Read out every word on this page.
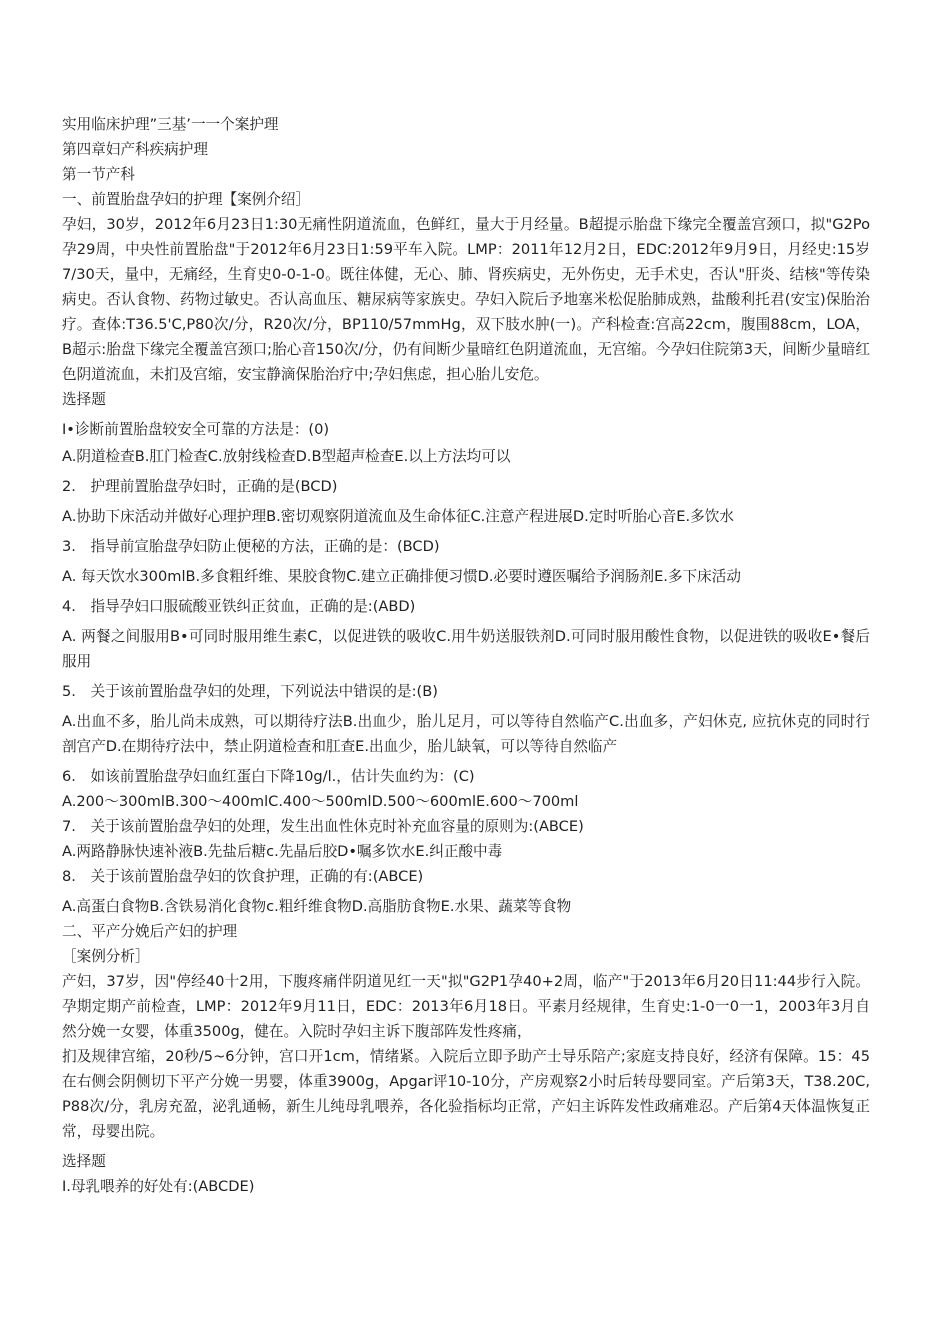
实用临床护理”三基’一一个案护理
第四章妇产科疾病护理
第一节产科
一、前置胎盘孕妇的护理【案例介绍］
孕妇，30岁，2012年6月23日1:30无痛性阴道流血，色鲜红，量大于月经量。B超提示胎盘下缘完全覆盖宫颈口，拟"G2Po孕29周，中央性前置胎盘"于2012年6月23日1:59平车入院。LMP：2011年12月2日，EDC:2012年9月9日，月经史:15岁7/30天，量中，无痛经，生育史0-0-1-0。既往体健，无心、肺、肾疾病史，无外伤史，无手术史，否认"肝炎、结核"等传染病史。否认食物、药物过敏史。否认高血压、糖尿病等家族史。孕妇入院后予地塞米松促胎肺成熟，盐酸利托君(安宝)保胎治疗。查体:T36.5'C,P80次/分，R20次/分，BP110/57mmHg，双下肢水肿(一)。产科检查:宫高22cm，腹围88cm，LOA，B超示:胎盘下缘完全覆盖宫颈口;胎心音150次/分，仍有间断少量暗红色阴道流血，无宫缩。今孕妇住院第3天，间断少量暗红色阴道流血，未扪及宫缩，安宝静滴保胎治疗中;孕妇焦虑，担心胎儿安危。
选择题
I•诊断前置胎盘较安全可靠的方法是：(0)
A.阴道检查B.肛门检查C.放射线检查D.B型超声检查E.以上方法均可以
2.　护理前置胎盘孕妇时，正确的是(BCD)
A.协助下床活动并做好心理护理B.密切观察阴道流血及生命体征C.注意产程进展D.定时听胎心音E.多饮水
3.　指导前宣胎盘孕妇防止便秘的方法，正确的是：(BCD)
A. 每天饮水300mlB.多食粗纤维、果胶食物C.建立正确排便习惯D.必要时遵医嘱给予润肠剂E.多下床活动
4.　指导孕妇口服硫酸亚铁纠正贫血，正确的是:(ABD)
A. 两餐之间服用B•可同时服用维生素C，以促进铁的吸收C.用牛奶送服铁剂D.可同时服用酸性食物，以促进铁的吸收E•餐后服用
5.　关于该前置胎盘孕妇的处理，下列说法中错误的是:(B)
A.出血不多，胎儿尚未成熟，可以期待疗法B.出血少，胎儿足月，可以等待自然临产C.出血多，产妇休克, 应抗休克的同时行剖宫产D.在期待疗法中，禁止阴道检查和肛查E.出血少，胎儿缺氧，可以等待自然临产
6.　如该前置胎盘孕妇血红蛋白下降10g/l.，估计失血约为：(C)
A.200～300mlB.300～400mlC.400～500mlD.500～600mlE.600～700ml
7.　关于该前置胎盘孕妇的处理，发生出血性休克时补充血容量的原则为:(ABCE)
A.两路静脉快速补液B.先盐后糖c.先晶后胶D•嘱多饮水E.纠正酸中毒
8.　关于该前置胎盘孕妇的饮食护理，正确的有:(ABCE)
A.高蛋白食物B.含铁易消化食物c.粗纤维食物D.高脂肪食物E.水果、蔬菜等食物
二、平产分娩后产妇的护理
［案例分析］
产妇，37岁，因"停经40十2用，下腹疼痛伴阴道见红一天"拟"G2P1孕40+2周，临产"于2013年6月20日11:44步行入院。孕期定期产前检查，LMP：2012年9月11日，EDC：2013年6月18日。平素月经规律，生育史:1-0一0一1，2003年3月自然分娩一女婴，体重3500g，健在。入院时孕妇主诉下腹部阵发性疼痛，
扪及规律宫缩，20秒/5~6分钟，宫口开1cm，情绪紧。入院后立即予助产士导乐陪产;家庭支持良好，经济有保障。15：45在右侧会阴侧切下平产分娩一男婴，体重3900g，Apgar评10-10分，产房观察2小时后转母婴同室。产后第3天，T38.20C, P88次/分，乳房充盈，泌乳通畅，新生儿纯母乳喂养，各化验指标均正常，产妇主诉阵发性政痛难忍。产后第4天体温恢复正常，母婴出院。
选择题
I.母乳喂养的好处有:(ABCDE)
